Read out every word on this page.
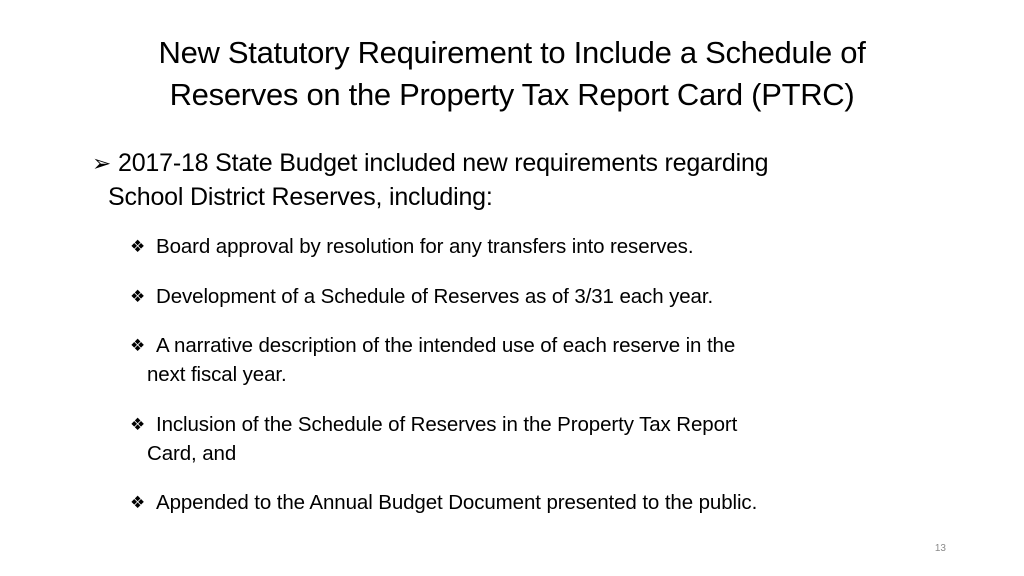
New Statutory Requirement to Include a Schedule of
Reserves on the Property Tax Report Card (PTRC)
➢ 2017-18 State Budget included new requirements regarding
School District Reserves, including:
❖ Board approval by resolution for any transfers into reserves.
❖ Development of a Schedule of Reserves as of 3/31 each year.
❖ A narrative description of the intended use of each reserve in the
next fiscal year.
❖ Inclusion of the Schedule of Reserves in the Property Tax Report
Card, and
❖ Appended to the Annual Budget Document presented to the public.
13
